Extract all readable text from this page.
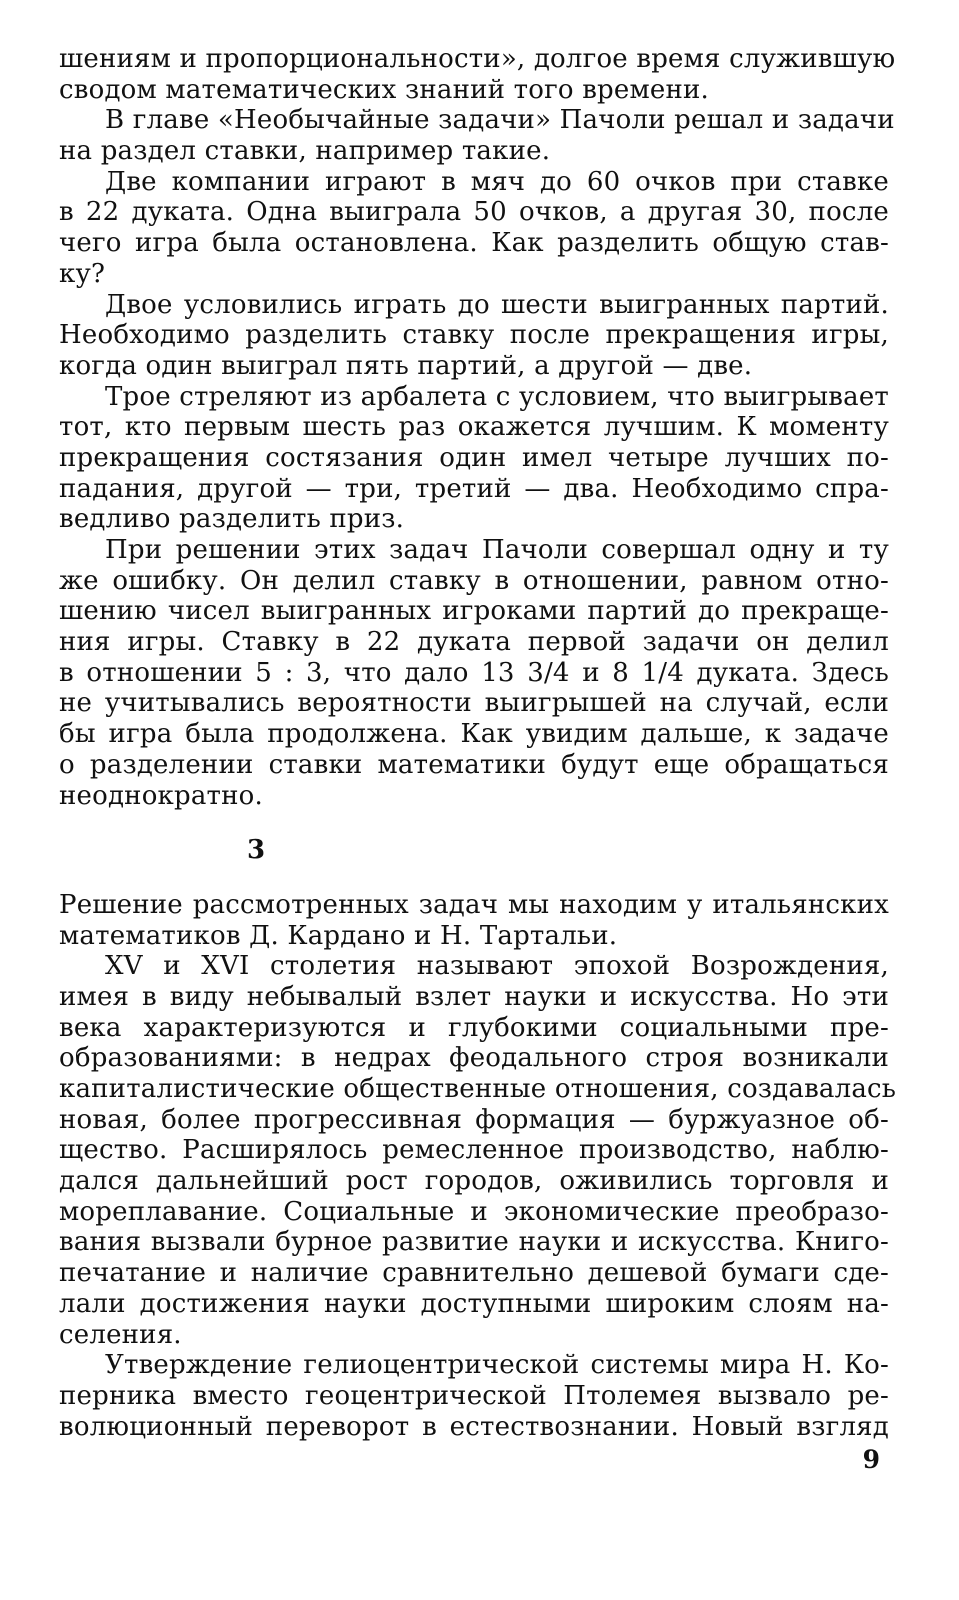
шениям и пропорциональности», долгое время служившую
сводом математических знаний того времени.
В главе «Необычайные задачи» Пачоли решал и задачи
на раздел ставки, например такие.
Две компании играют в мяч до 60 очков при ставке
в 22 дуката. Одна выиграла 50 очков, а другая 30, после
чего игра была остановлена. Как разделить общую став-
ку?
Двое условились играть до шести выигранных партий.
Необходимо разделить ставку после прекращения игры,
когда один выиграл пять партий, а другой — две.
Трое стреляют из арбалета с условием, что выигрывает
тот, кто первым шесть раз окажется лучшим. К моменту
прекращения состязания один имел четыре лучших по-
падания, другой — три, третий — два. Необходимо спра-
ведливо разделить приз.
При решении этих задач Пачоли совершал одну и ту
же ошибку. Он делил ставку в отношении, равном отно-
шению чисел выигранных игроками партий до прекраще-
ния игры. Ставку в 22 дуката первой задачи он делил
в отношении 5 : 3, что дало 13 3/4 и 8 1/4 дуката. Здесь
не учитывались вероятности выигрышей на случай, если
бы игра была продолжена. Как увидим дальше, к задаче
о разделении ставки математики будут еще обращаться
неоднократно.
3
Решение рассмотренных задач мы находим у итальянских
математиков Д. Кардано и Н. Тартальи.
XV и XVI столетия называют эпохой Возрождения,
имея в виду небывалый взлет науки и искусства. Но эти
века характеризуются и глубокими социальными пре-
образованиями: в недрах феодального строя возникали
капиталистические общественные отношения, создавалась
новая, более прогрессивная формация — буржуазное об-
щество. Расширялось ремесленное производство, наблю-
дался дальнейший рост городов, оживились торговля и
мореплавание. Социальные и экономические преобразо-
вания вызвали бурное развитие науки и искусства. Книго-
печатание и наличие сравнительно дешевой бумаги сде-
лали достижения науки доступными широким слоям на-
селения.
Утверждение гелиоцентрической системы мира Н. Ко-
перника вместо геоцентрической Птолемея вызвало ре-
волюционный переворот в естествознании. Новый взгляд
9
